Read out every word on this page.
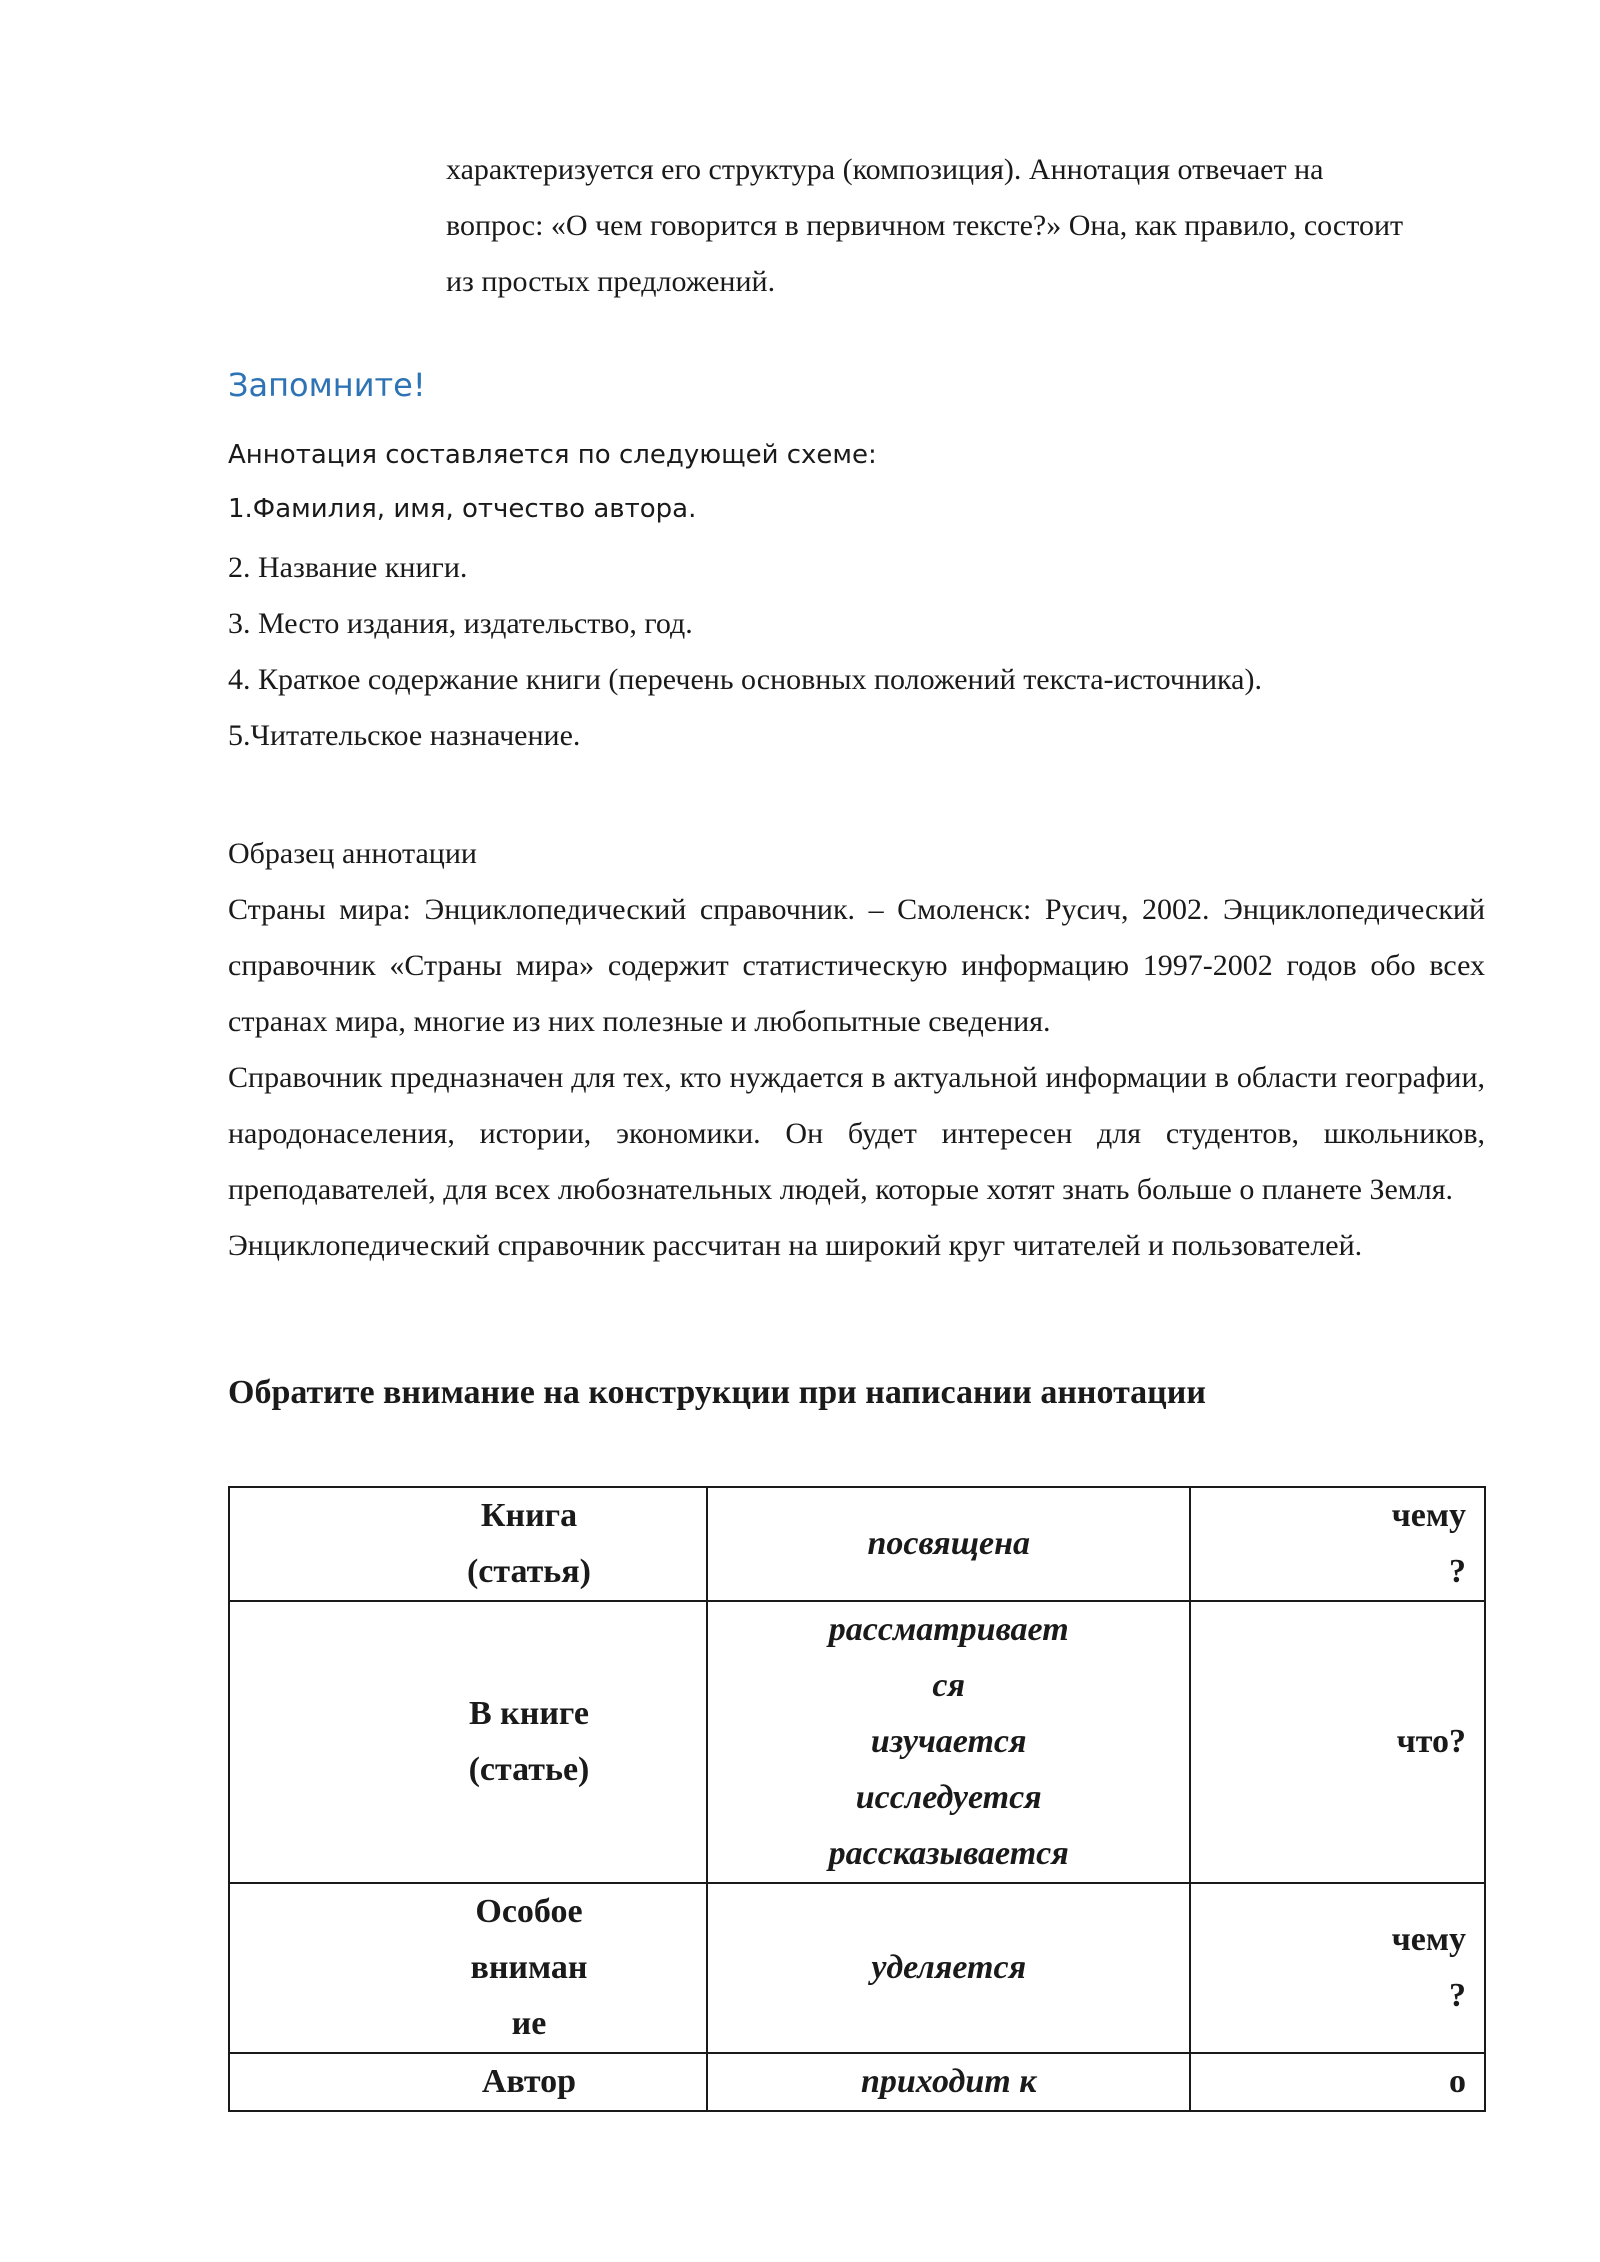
характеризуется его структура (композиция). Аннотация отвечает на

вопрос: «О чем говорится в первичном тексте?» Она, как правило, состоит

из простых предложений.

Запомните!

Аннотация составляется по следующей схеме:

1.Фамилия, имя, отчество автора.

2. Название книги.
3. Место издания, издательство, год.
4. Краткое содержание книги (перечень основных положений текста-источника).
5.Читательское назначение.

Образец аннотации

Страны мира: Энциклопедический справочник. – Смоленск: Русич, 2002. Энциклопедический справочник «Страны мира» содержит статистическую информацию 1997-2002 годов обо всех странах мира, многие из них полезные и любопытные сведения.

Справочник предназначен для тех, кто нуждается в актуальной информации в области географии, народонаселения, истории, экономики. Он будет интересен для студентов, школьников, преподавателей, для всех любознательных людей, которые хотят знать больше о планете Земля.

Энциклопедический справочник рассчитан на широкий круг читателей и пользователей.

Обратите внимание на конструкции при написании аннотации
Книга
(статья)	посвящена	чему
?

В книге
(статье)	рассматривает
ся
изучается
исследуется
рассказывается	что?

Особое
вниман
ие	уделяется	чему
?

Автор	приходит к	о
